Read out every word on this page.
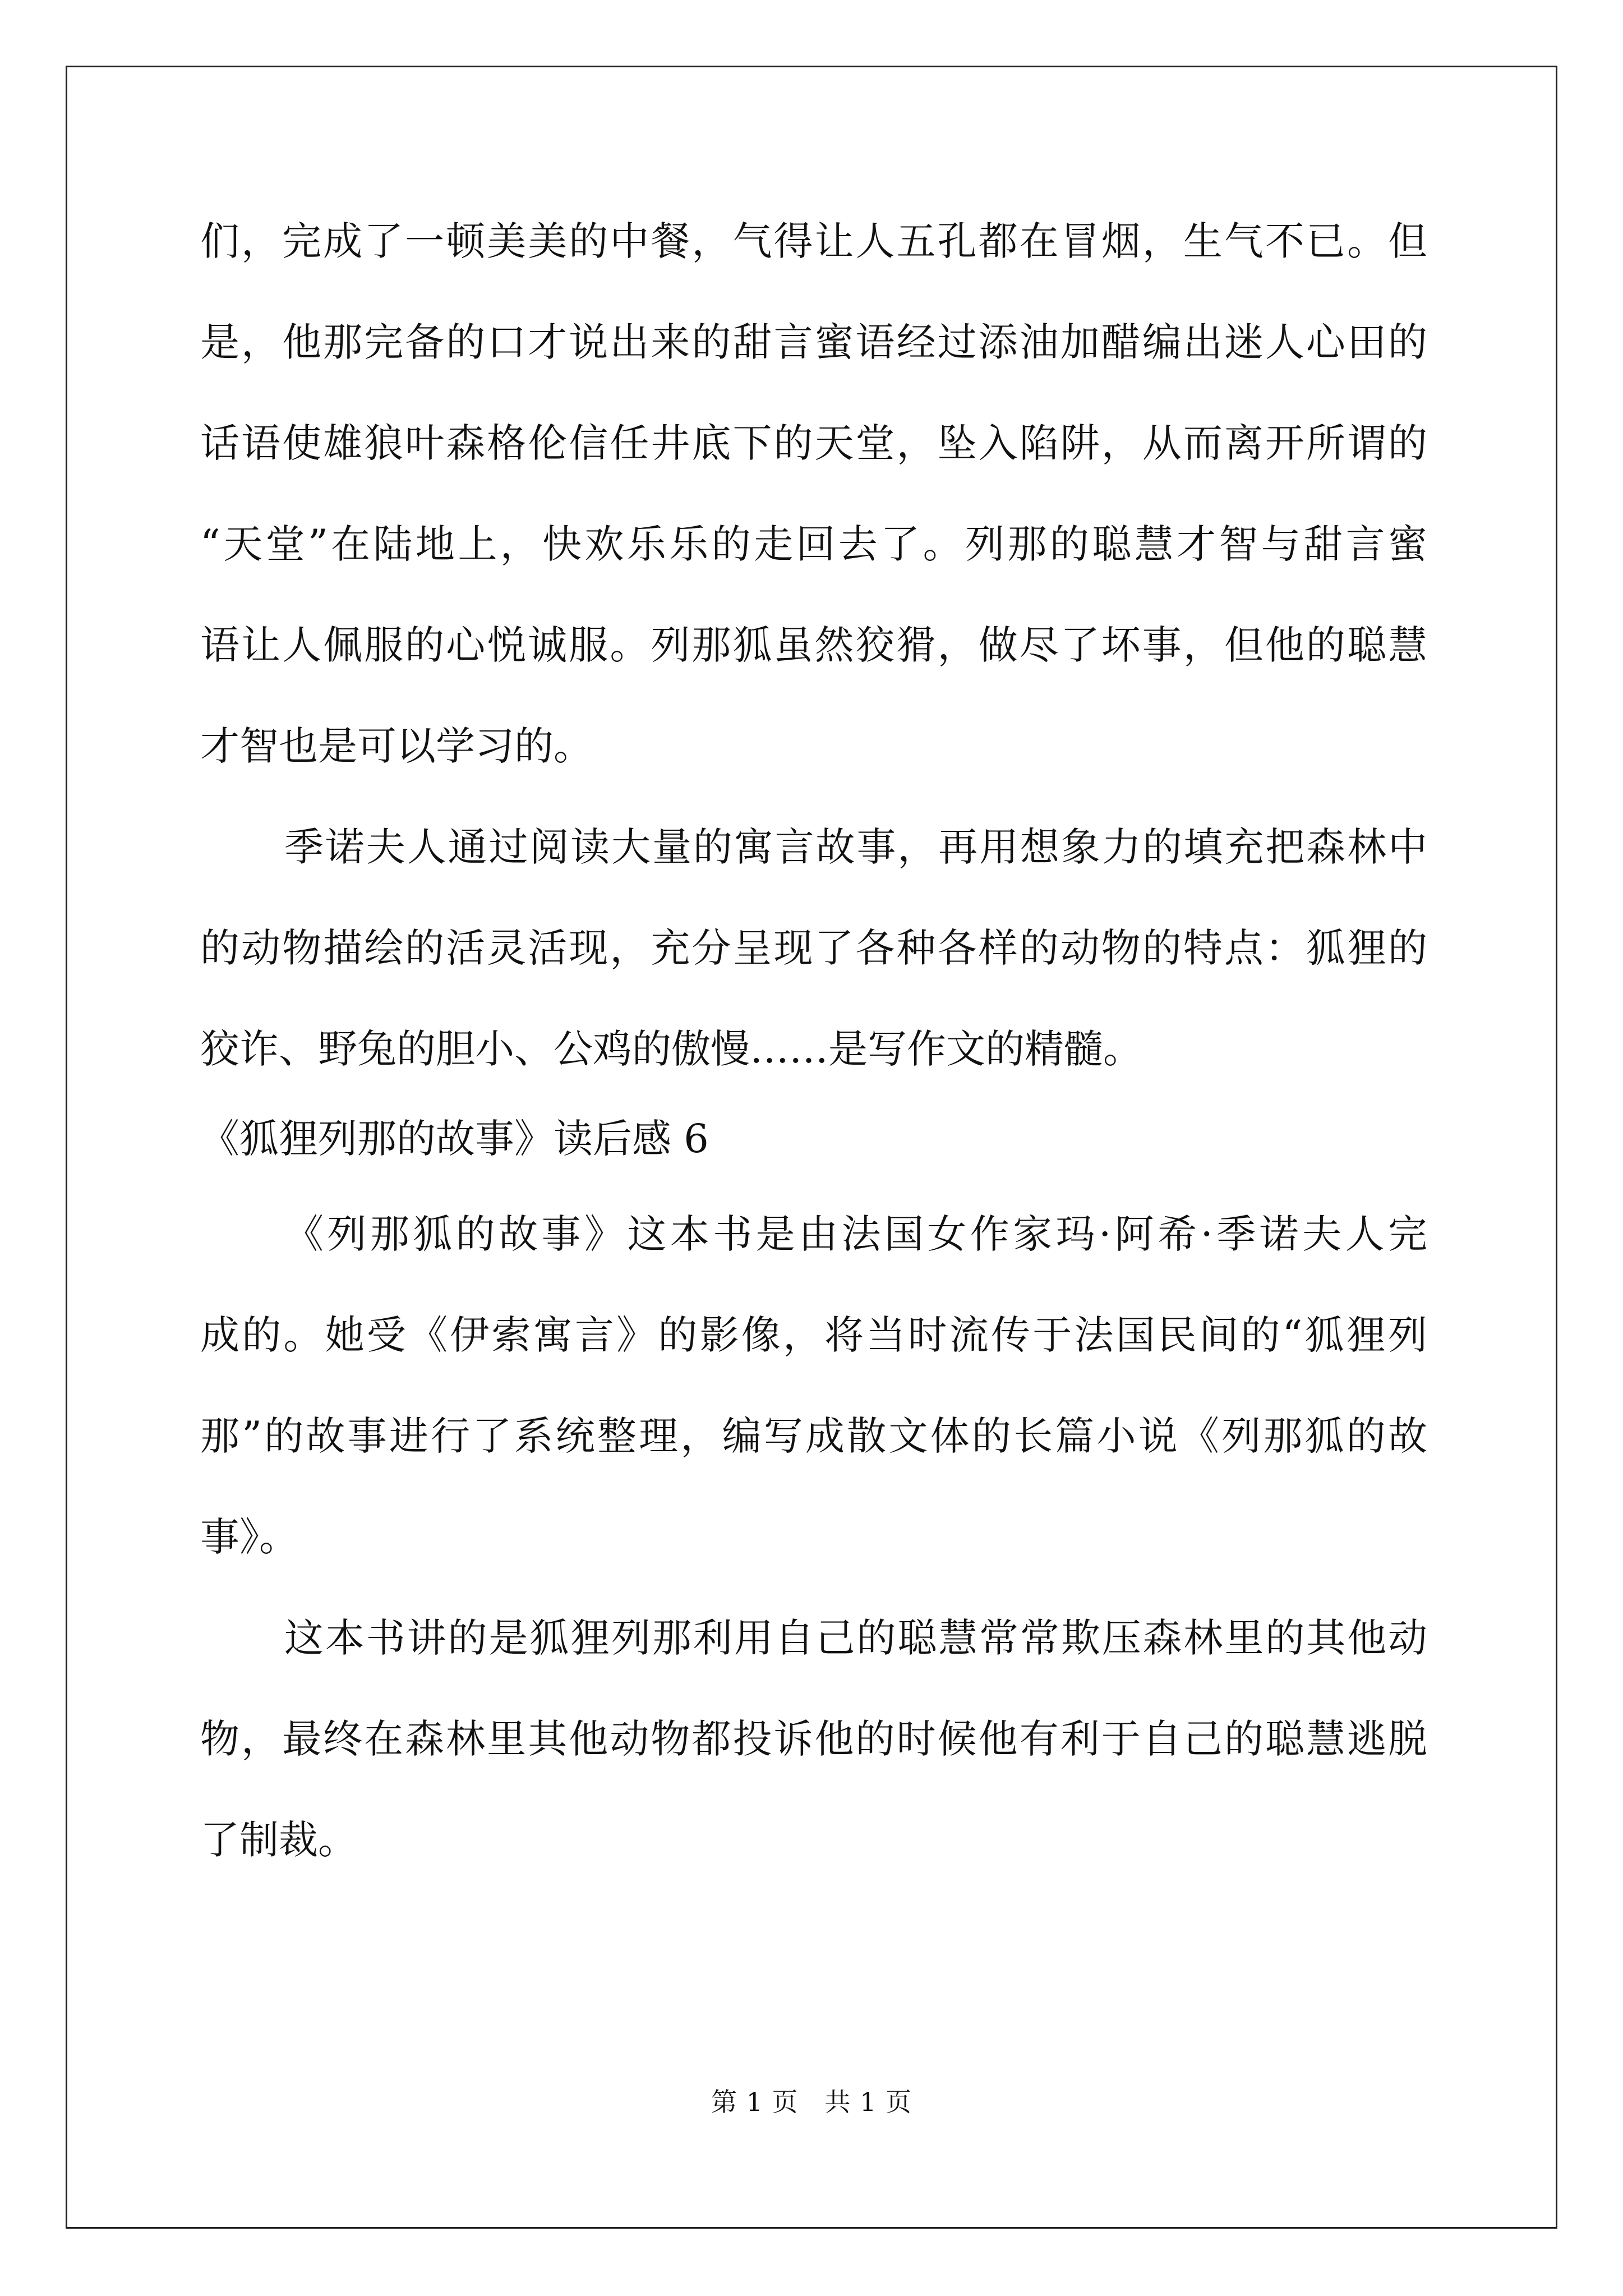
们，完成了一顿美美的中餐，气得让人五孔都在冒烟，生气不已。但
是，他那完备的口才说出来的甜言蜜语经过添油加醋编出迷人心田的
话语使雄狼叶森格伦信任井底下的天堂，坠入陷阱，从而离开所谓的
“天堂”在陆地上，快欢乐乐的走回去了。列那的聪慧才智与甜言蜜
语让人佩服的心悦诚服。列那狐虽然狡猾，做尽了坏事，但他的聪慧
才智也是可以学习的。
季诺夫人通过阅读大量的寓言故事，再用想象力的填充把森林中
的动物描绘的活灵活现，充分呈现了各种各样的动物的特点：狐狸的
狡诈、野兔的胆小、公鸡的傲慢……是写作文的精髓。
《狐狸列那的故事》读后感 6
《列那狐的故事》这本书是由法国女作家玛·阿希·季诺夫人完
成的。她受《伊索寓言》的影像，将当时流传于法国民间的“狐狸列
那”的故事进行了系统整理，编写成散文体的长篇小说《列那狐的故
事》。
这本书讲的是狐狸列那利用自己的聪慧常常欺压森林里的其他动
物，最终在森林里其他动物都投诉他的时候他有利于自己的聪慧逃脱
了制裁。
第 1 页　共 1 页
